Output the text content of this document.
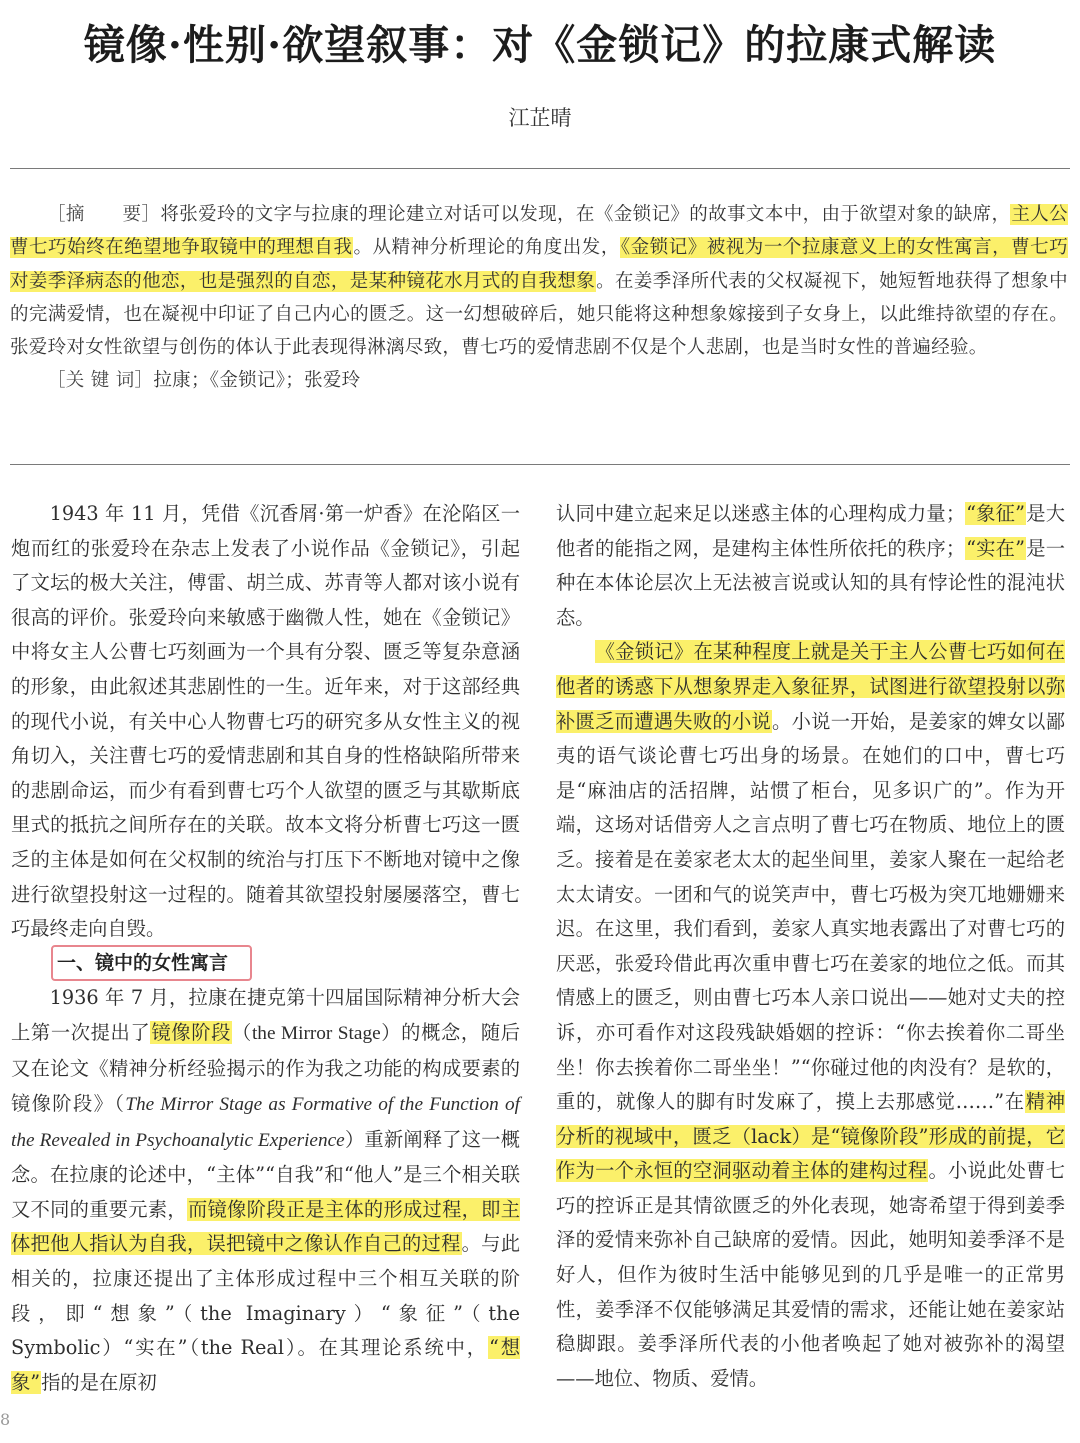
镜像·性别·欲望叙事：对《金锁记》的拉康式解读
江芷晴

［摘　　要］将张爱玲的文字与拉康的理论建立对话可以发现，在《金锁记》的故事文本中，由于欲望对象的缺席，主人公曹七巧始终在绝望地争取镜中的理想自我。从精神分析理论的角度出发，《金锁记》被视为一个拉康意义上的女性寓言，曹七巧对姜季泽病态的他恋，也是强烈的自恋，是某种镜花水月式的自我想象。在姜季泽所代表的父权凝视下，她短暂地获得了想象中的完满爱情，也在凝视中印证了自己内心的匮乏。这一幻想破碎后，她只能将这种想象嫁接到子女身上，以此维持欲望的存在。张爱玲对女性欲望与创伤的体认于此表现得淋漓尽致，曹七巧的爱情悲剧不仅是个人悲剧，也是当时女性的普遍经验。

［关 键 词］拉康；《金锁记》；张爱玲

1943 年 11 月，凭借《沉香屑·第一炉香》在沦陷区一炮而红的张爱玲在杂志上发表了小说作品《金锁记》，引起了文坛的极大关注，傅雷、胡兰成、苏青等人都对该小说有很高的评价。张爱玲向来敏感于幽微人性，她在《金锁记》中将女主人公曹七巧刻画为一个具有分裂、匮乏等复杂意涵的形象，由此叙述其悲剧性的一生。近年来，对于这部经典的现代小说，有关中心人物曹七巧的研究多从女性主义的视角切入，关注曹七巧的爱情悲剧和其自身的性格缺陷所带来的悲剧命运，而少有看到曹七巧个人欲望的匮乏与其歇斯底里式的抵抗之间所存在的关联。故本文将分析曹七巧这一匮乏的主体是如何在父权制的统治与打压下不断地对镜中之像进行欲望投射这一过程的。随着其欲望投射屡屡落空，曹七巧最终走向自毁。

一、镜中的女性寓言

1936 年 7 月，拉康在捷克第十四届国际精神分析大会上第一次提出了镜像阶段（the Mirror Stage）的概念，随后又在论文《精神分析经验揭示的作为我之功能的构成要素的镜像阶段》（The Mirror Stage as Formative of the Function of the Revealed in Psychoanalytic Experience）重新阐释了这一概念。在拉康的论述中，“主体”“自我”和“他人”是三个相关联又不同的重要元素，而镜像阶段正是主体的形成过程，即主体把他人指认为自我，误把镜中之像认作自己的过程。与此相关的，拉康还提出了主体形成过程中三个相互关联的阶段，即“想象”（the Imaginary）“象征”（the Symbolic）“实在”（the Real）。在其理论系统中，“想象”指的是在原初

认同中建立起来足以迷惑主体的心理构成力量；“象征”是大他者的能指之网，是建构主体性所依托的秩序；“实在”是一种在本体论层次上无法被言说或认知的具有悖论性的混沌状态。

《金锁记》在某种程度上就是关于主人公曹七巧如何在他者的诱惑下从想象界走入象征界，试图进行欲望投射以弥补匮乏而遭遇失败的小说。小说一开始，是姜家的婢女以鄙夷的语气谈论曹七巧出身的场景。在她们的口中，曹七巧是“麻油店的活招牌，站惯了柜台，见多识广的”。作为开端，这场对话借旁人之言点明了曹七巧在物质、地位上的匮乏。接着是在姜家老太太的起坐间里，姜家人聚在一起给老太太请安。一团和气的说笑声中，曹七巧极为突兀地姗姗来迟。在这里，我们看到，姜家人真实地表露出了对曹七巧的厌恶，张爱玲借此再次重申曹七巧在姜家的地位之低。而其情感上的匮乏，则由曹七巧本人亲口说出——她对丈夫的控诉，亦可看作对这段残缺婚姻的控诉：“你去挨着你二哥坐坐！你去挨着你二哥坐坐！”“你碰过他的肉没有？是软的，重的，就像人的脚有时发麻了，摸上去那感觉……”在精神分析的视域中，匮乏（lack）是“镜像阶段”形成的前提，它作为一个永恒的空洞驱动着主体的建构过程。小说此处曹七巧的控诉正是其情欲匮乏的外化表现，她寄希望于得到姜季泽的爱情来弥补自己缺席的爱情。因此，她明知姜季泽不是好人，但作为彼时生活中能够见到的几乎是唯一的正常男性，姜季泽不仅能够满足其爱情的需求，还能让她在姜家站稳脚跟。姜季泽所代表的小他者唤起了她对被弥补的渴望——地位、物质、爱情。

8
